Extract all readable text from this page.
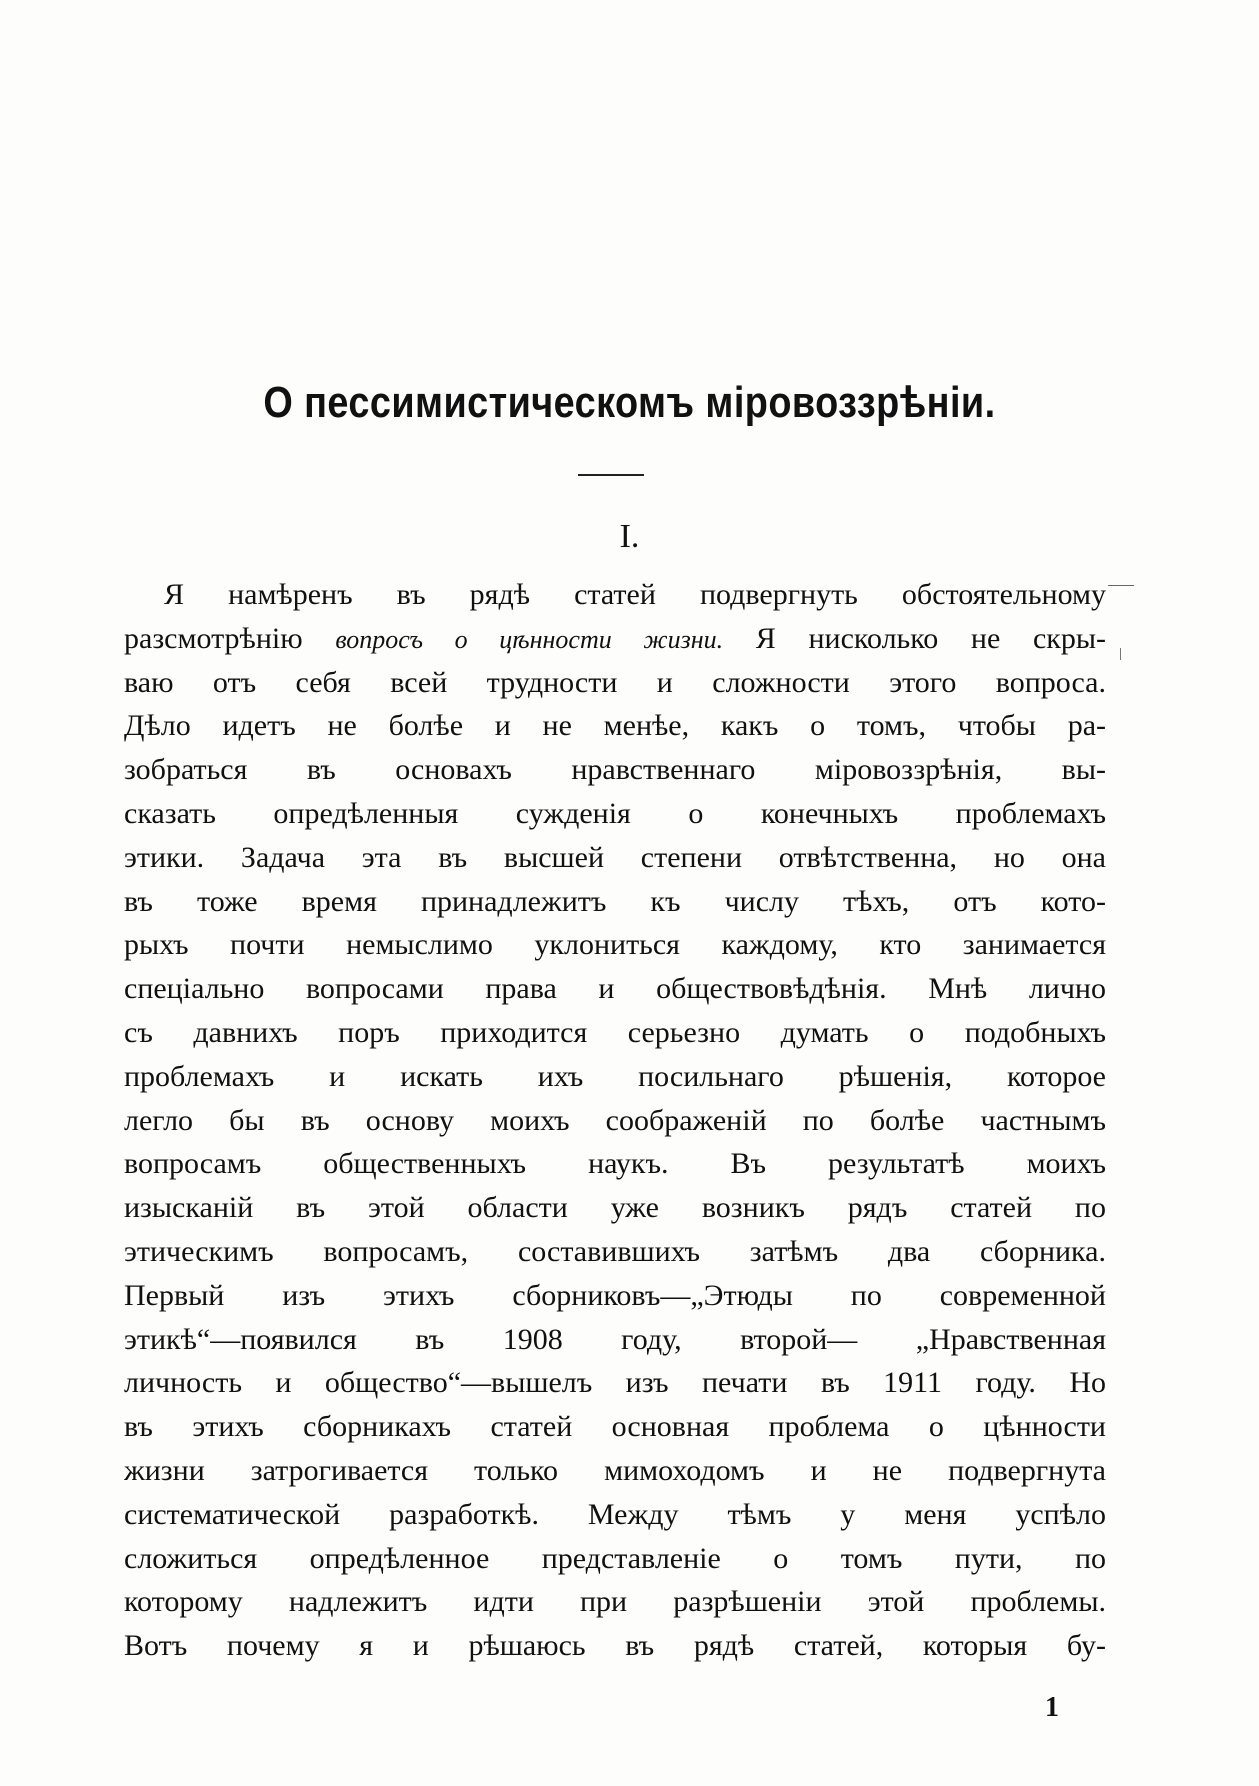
О пессимистическомъ міровоззрѣніи.

I.

Я намѣренъ въ рядѣ статей подвергнуть обстоятельному
разсмотрѣнію вопросъ о цѣнности жизни. Я нисколько не скры-
ваю отъ себя всей трудности и сложности этого вопроса.
Дѣло идетъ не болѣе и не менѣе, какъ о томъ, чтобы ра-
зобраться въ основахъ нравственнаго міровоззрѣнія, вы-
сказать опредѣленныя сужденія о конечныхъ проблемахъ
этики. Задача эта въ высшей степени отвѣтственна, но она
въ тоже время принадлежитъ къ числу тѣхъ, отъ кото-
рыхъ почти немыслимо уклониться каждому, кто занимается
спеціально вопросами права и обществовѣдѣнія. Мнѣ лично
съ давнихъ поръ приходится серьезно думать о подобныхъ
проблемахъ и искать ихъ посильнаго рѣшенія, которое
легло бы въ основу моихъ соображеній по болѣе частнымъ
вопросамъ общественныхъ наукъ. Въ результатѣ моихъ
изысканій въ этой области уже возникъ рядъ статей по
этическимъ вопросамъ, составившихъ затѣмъ два сборника.
Первый изъ этихъ сборниковъ—„Этюды по современной
этикѣ“—появился въ 1908 году, второй— „Нравственная
личность и общество“—вышелъ изъ печати въ 1911 году. Но
въ этихъ сборникахъ статей основная проблема о цѣнности
жизни затрогивается только мимоходомъ и не подвергнута
систематической разработкѣ. Между тѣмъ у меня успѣло
сложиться опредѣленное представленіе о томъ пути, по
которому надлежитъ идти при разрѣшеніи этой проблемы.
Вотъ почему я и рѣшаюсь въ рядѣ статей, которыя бу-

1
